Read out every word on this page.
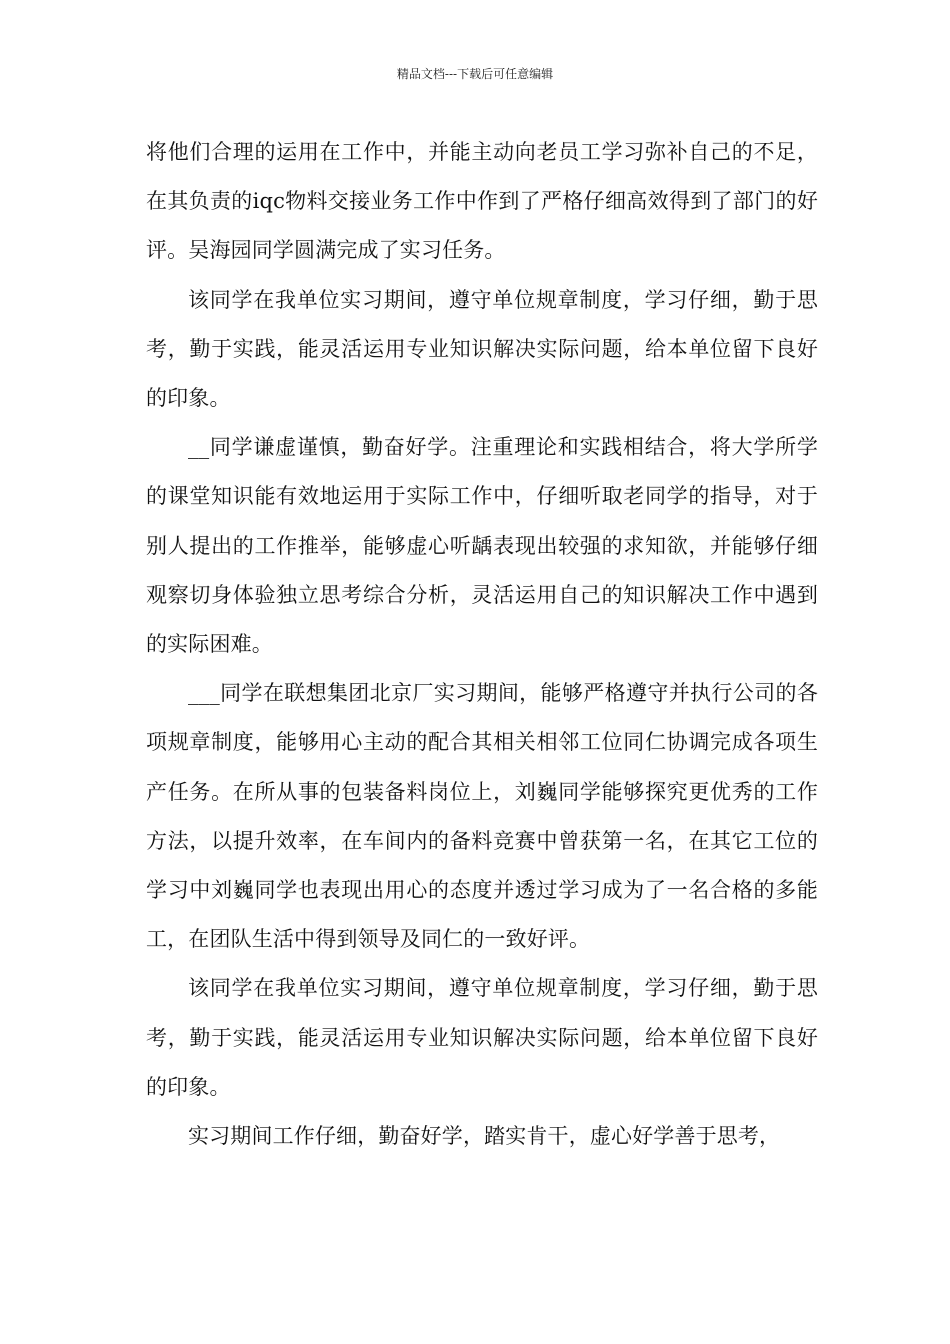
精品文档---下载后可任意编辑

将他们合理的运用在工作中，并能主动向老员工学习弥补自己的不足，在其负责的iqc物料交接业务工作中作到了严格仔细高效得到了部门的好评。吴海园同学圆满完成了实习任务。

该同学在我单位实习期间，遵守单位规章制度，学习仔细，勤于思考，勤于实践，能灵活运用专业知识解决实际问题，给本单位留下良好的印象。

__同学谦虚谨慎，勤奋好学。注重理论和实践相结合，将大学所学的课堂知识能有效地运用于实际工作中，仔细听取老同学的指导，对于别人提出的工作推举，能够虚心听龋表现出较强的求知欲，并能够仔细观察切身体验独立思考综合分析，灵活运用自己的知识解决工作中遇到的实际困难。

___同学在联想集团北京厂实习期间，能够严格遵守并执行公司的各项规章制度，能够用心主动的配合其相关相邻工位同仁协调完成各项生产任务。在所从事的包装备料岗位上，刘巍同学能够探究更优秀的工作方法，以提升效率，在车间内的备料竞赛中曾获第一名，在其它工位的学习中刘巍同学也表现出用心的态度并透过学习成为了一名合格的多能工，在团队生活中得到领导及同仁的一致好评。

该同学在我单位实习期间，遵守单位规章制度，学习仔细，勤于思考，勤于实践，能灵活运用专业知识解决实际问题，给本单位留下良好的印象。

实习期间工作仔细，勤奋好学，踏实肯干，虚心好学善于思考，
